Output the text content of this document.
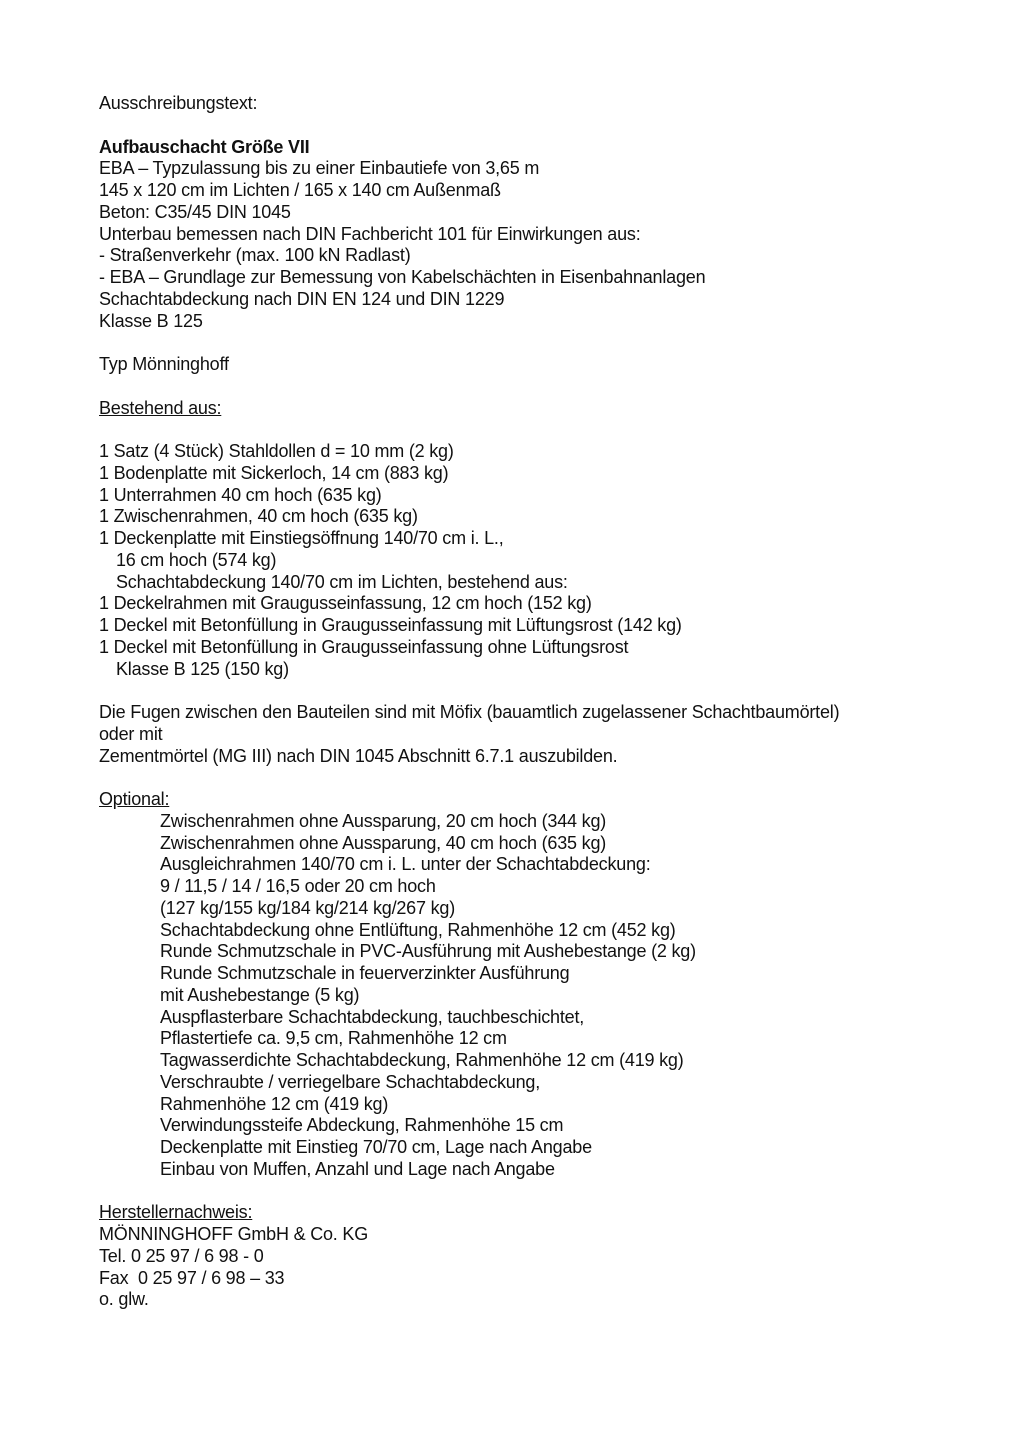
Ausschreibungstext:
Aufbauschacht Größe VII
EBA – Typzulassung bis zu einer Einbautiefe von 3,65 m
145 x 120 cm im Lichten / 165 x 140 cm Außenmaß
Beton: C35/45 DIN 1045
Unterbau bemessen nach DIN Fachbericht 101 für Einwirkungen aus:
- Straßenverkehr (max. 100 kN Radlast)
- EBA – Grundlage zur Bemessung von Kabelschächten in Eisenbahnanlagen
Schachtabdeckung nach DIN EN 124 und DIN 1229
Klasse B 125
Typ Mönninghoff
Bestehend aus:
1 Satz (4 Stück) Stahldollen d = 10 mm (2 kg)
1 Bodenplatte mit Sickerloch, 14 cm (883 kg)
1 Unterrahmen 40 cm hoch (635 kg)
1 Zwischenrahmen, 40 cm hoch (635 kg)
1 Deckenplatte mit Einstiegsöffnung 140/70 cm i. L.,
16 cm hoch (574 kg)
Schachtabdeckung 140/70 cm im Lichten, bestehend aus:
1 Deckelrahmen mit Graugusseinfassung, 12 cm hoch (152 kg)
1 Deckel mit Betonfüllung in Graugusseinfassung mit Lüftungsrost (142 kg)
1 Deckel mit Betonfüllung in Graugusseinfassung ohne Lüftungsrost
Klasse B 125 (150 kg)
Die Fugen zwischen den Bauteilen sind mit Möfix (bauamtlich zugelassener Schachtbaumörtel)
oder mit
Zementmörtel (MG III) nach DIN 1045 Abschnitt 6.7.1 auszubilden.
Optional:
Zwischenrahmen ohne Aussparung, 20 cm hoch (344 kg)
Zwischenrahmen ohne Aussparung, 40 cm hoch (635 kg)
Ausgleichrahmen 140/70 cm i. L. unter der Schachtabdeckung:
9 / 11,5 / 14 / 16,5 oder 20 cm hoch
(127 kg/155 kg/184 kg/214 kg/267 kg)
Schachtabdeckung ohne Entlüftung, Rahmenhöhe 12 cm (452 kg)
Runde Schmutzschale in PVC-Ausführung mit Aushebestange (2 kg)
Runde Schmutzschale in feuerverzinkter Ausführung
mit Aushebestange (5 kg)
Auspflasterbare Schachtabdeckung, tauchbeschichtet,
Pflastertiefe ca. 9,5 cm, Rahmenhöhe 12 cm
Tagwasserdichte Schachtabdeckung, Rahmenhöhe 12 cm (419 kg)
Verschraubte / verriegelbare Schachtabdeckung,
Rahmenhöhe 12 cm (419 kg)
Verwindungssteife Abdeckung, Rahmenhöhe 15 cm
Deckenplatte mit Einstieg 70/70 cm, Lage nach Angabe
Einbau von Muffen, Anzahl und Lage nach Angabe
Herstellernachweis:
MÖNNINGHOFF GmbH & Co. KG
Tel. 0 25 97 / 6 98 - 0
Fax  0 25 97 / 6 98 – 33
o. glw.
